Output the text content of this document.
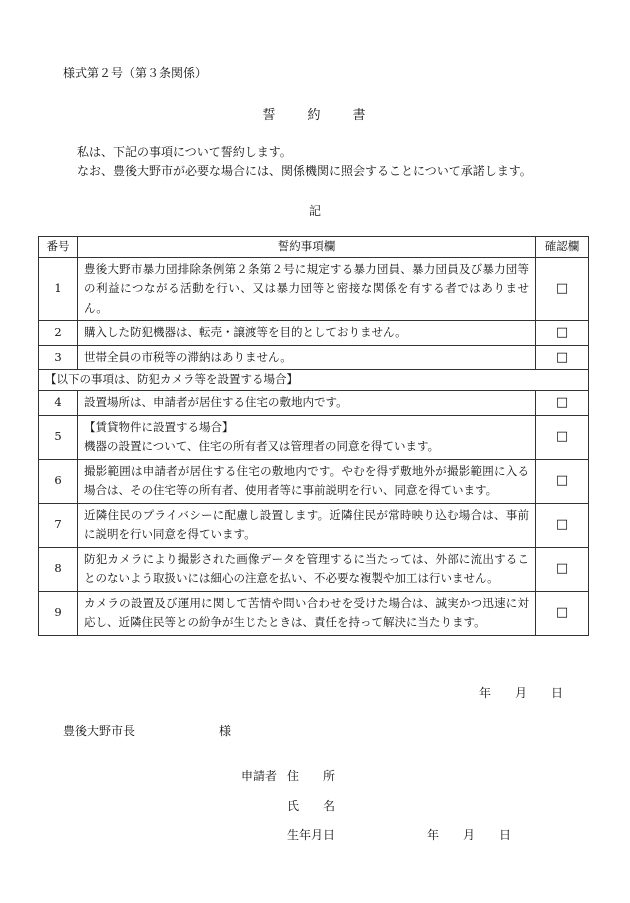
様式第２号（第３条関係）
誓　　約　　書
私は、下記の事項について誓約します。
なお、豊後大野市が必要な場合には、関係機関に照会することについて承諾します。
記
番号	誓約事項欄	確認欄
1	豊後大野市暴力団排除条例第２条第２号に規定する暴力団員、暴力団員及び暴力団等の利益につながる活動を行い、又は暴力団等と密接な関係を有する者ではありません。	□
2	購入した防犯機器は、転売・譲渡等を目的としておりません。	□
3	世帯全員の市税等の滞納はありません。	□
【以下の事項は、防犯カメラ等を設置する場合】		
4	設置場所は、申請者が居住する住宅の敷地内です。	□
5	【賃貸物件に設置する場合】
機器の設置について、住宅の所有者又は管理者の同意を得ています。	□
6	撮影範囲は申請者が居住する住宅の敷地内です。やむを得ず敷地外が撮影範囲に入る場合は、その住宅等の所有者、使用者等に事前説明を行い、同意を得ています。	□
7	近隣住民のプライバシーに配慮し設置します。近隣住民が常時映り込む場合は、事前に説明を行い同意を得ています。	□
8	防犯カメラにより撮影された画像データを管理するに当たっては、外部に流出することのないよう取扱いには細心の注意を払い、不必要な複製や加工は行いません。	□
9	カメラの設置及び運用に関して苦情や問い合わせを受けた場合は、誠実かつ迅速に対応し、近隣住民等との紛争が生じたときは、責任を持って解決に当たります。	□
年　　月　　日
豊後大野市長　　　　　　　様
申請者 住　　所
氏　　名
生年月日	年　　月　　日
